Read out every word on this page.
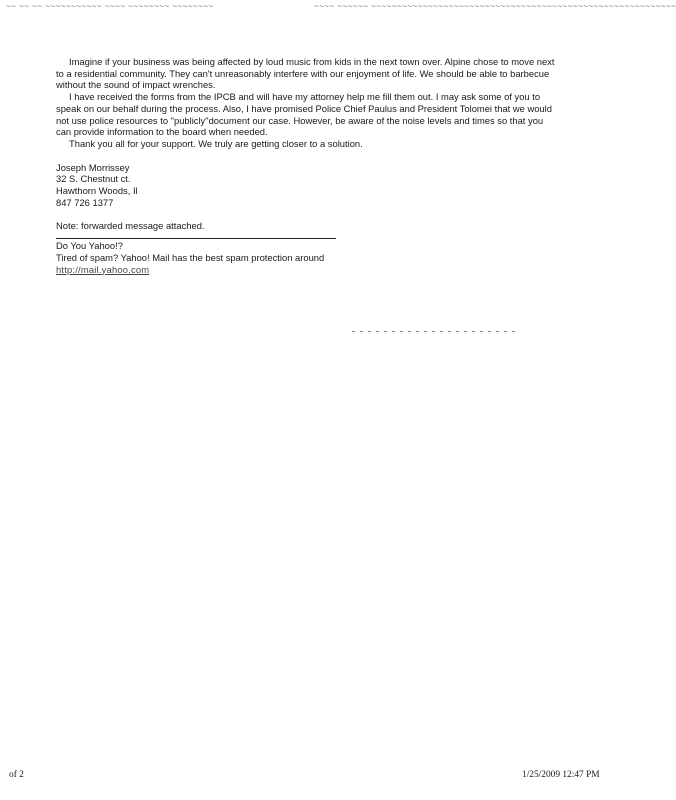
~~ ~~ ~~ ~~~~~~~~~~~ ~~~~ ~~~~~~~~ ~~~~~~~~	~~~~ ~~~~~~ ~~~~~~~~~~~~~~~~~~~~~~~~~~~~~~~~~~~~~~~~~~~~~~~~~~~~~~~~~~~

Imagine if your business was being affected by loud music from kids in the next town over. Alpine chose to move next to a residential community. They can't unreasonably interfere with our enjoyment of life. We should be able to barbecue without the sound of impact wrenches.

I have received the forms from the IPCB and will have my attorney help me fill them out. I may ask some of you to speak on our behalf during the process. Also, I have promised Police Chief Paulus and President Tolomei that we would not use police resources to "publicly"document our case. However, be aware of the noise levels and times so that you can provide information to the board when needed.

Thank you all for your support. We truly are getting closer to a solution.

Joseph Morrissey
32 S. Chestnut ct.
Hawthorn Woods, Il
847 726 1377
Note: forwarded message attached.
Do You Yahoo!?
Tired of spam? Yahoo! Mail has the best spam protection around
http://mail.yahoo.com
of 2	1/25/2009 12:47 PM
